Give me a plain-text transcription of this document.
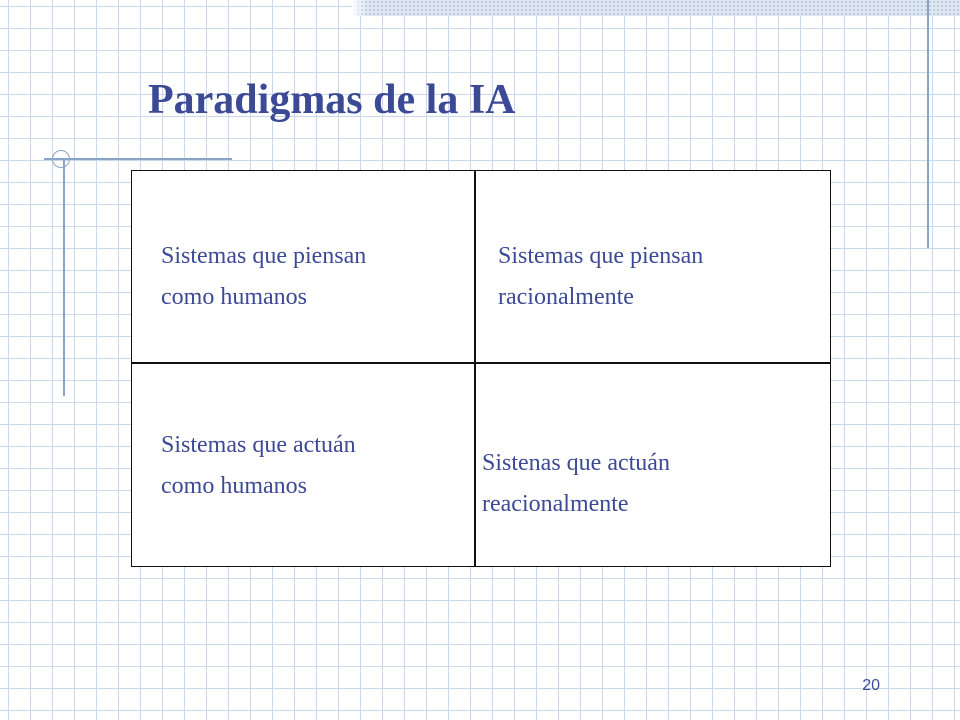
Paradigmas de la IA

Sistemas que piensan
como humanos

Sistemas que piensan
racionalmente

Sistemas que actuán
como humanos

Sistenas que actuán
reacionalmente

20
